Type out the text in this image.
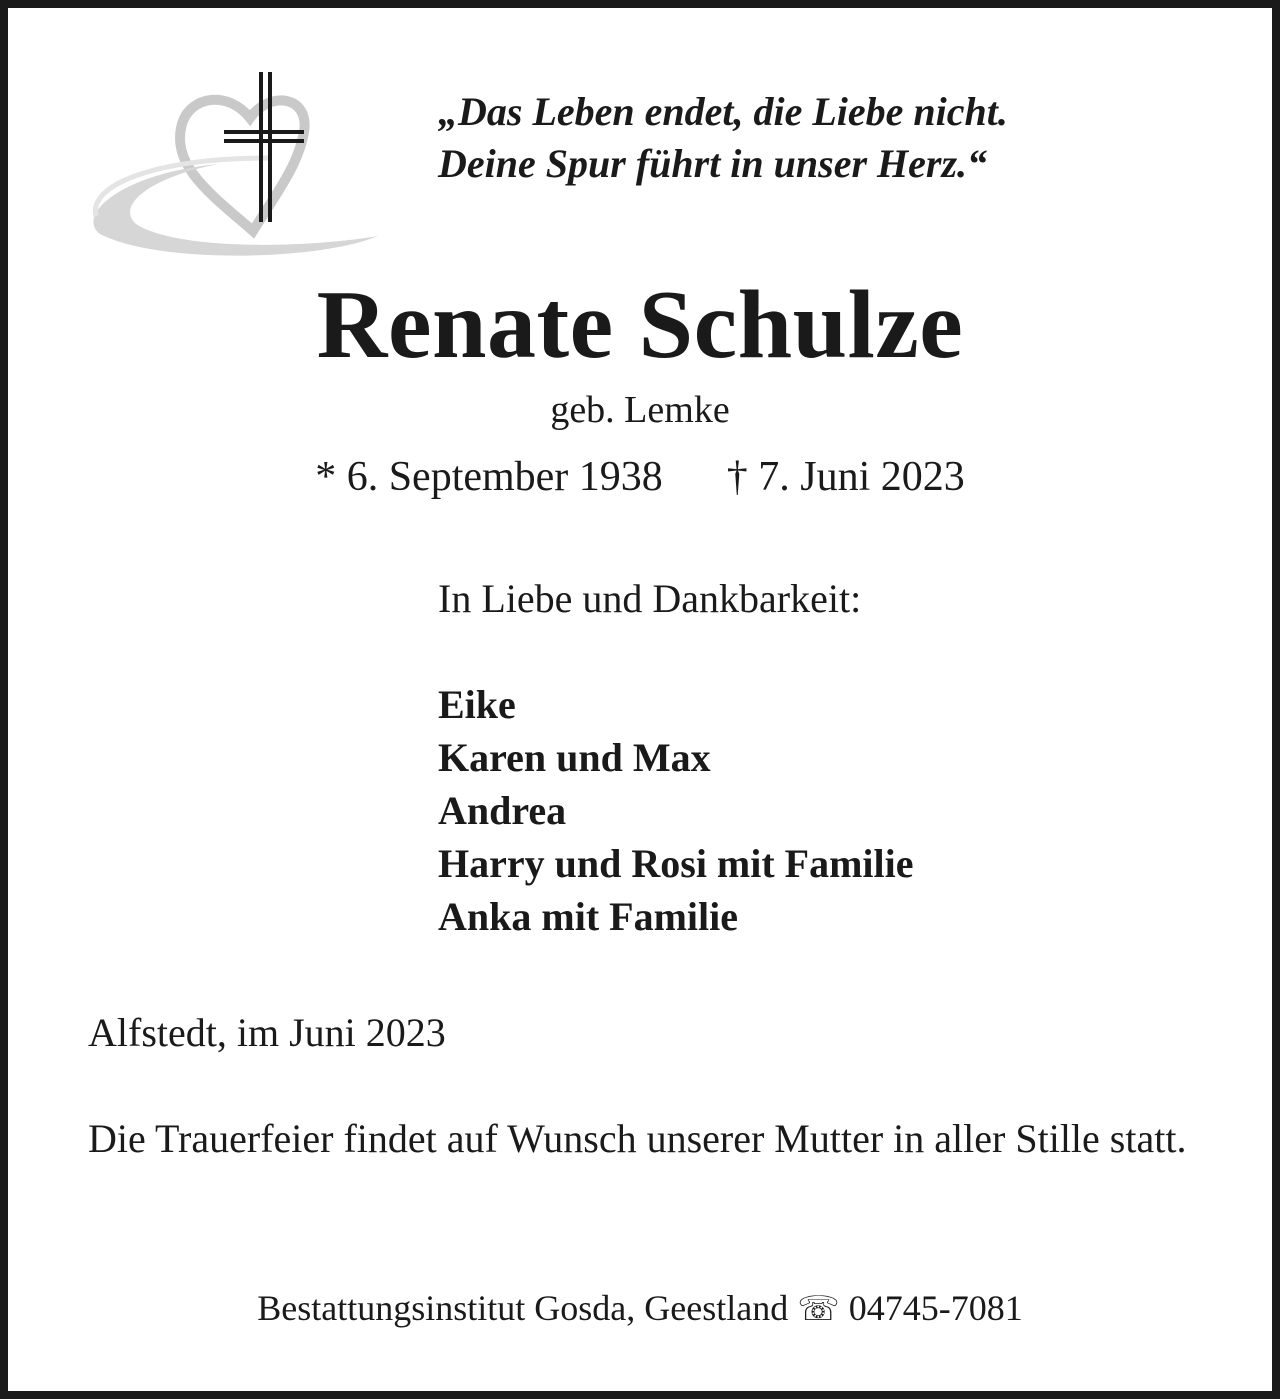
„Das Leben endet, die Liebe nicht.
Deine Spur führt in unser Herz.“
Renate Schulze
geb. Lemke
* 6. September 1938 † 7. Juni 2023
In Liebe und Dankbarkeit:
Eike
Karen und Max
Andrea
Harry und Rosi mit Familie
Anka mit Familie
Alfstedt, im Juni 2023
Die Trauerfeier findet auf Wunsch unserer Mutter in aller Stille statt.
Bestattungsinstitut Gosda, Geestland ☏ 04745-7081
